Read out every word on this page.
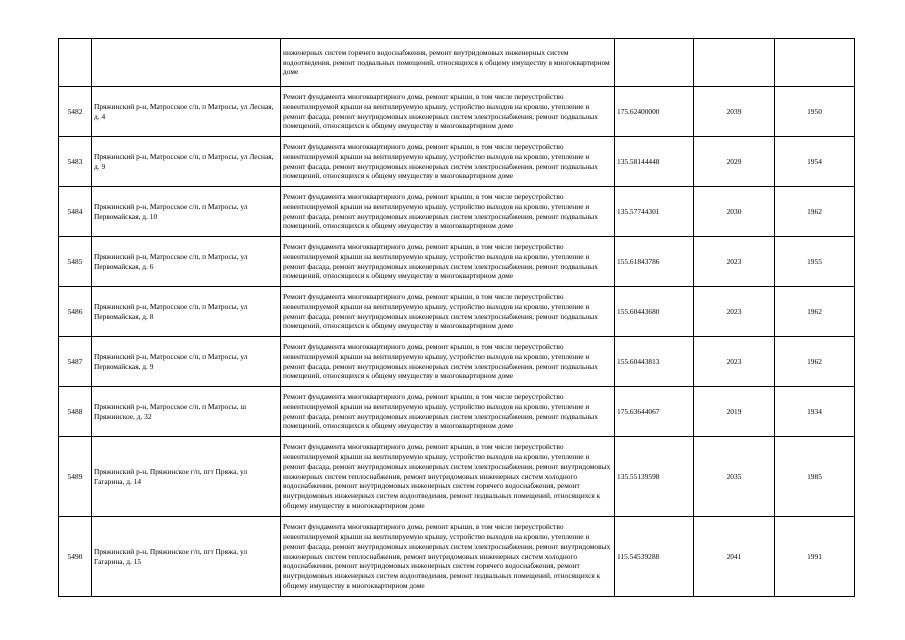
		инженерных систем горячего водоснабжения, ремонт внутридомовых инженерных систем водоотведения, ремонт подвальных помещений, относящихся к общему имуществу в многоквартирном доме			
5482	Пряжинский р-н, Матросское с/п, п Матросы, ул Лесная, д. 4	Ремонт фундамента многоквартирного дома, ремонт крыши, в том числе переустройство невентилируемой крыши на вентилируемую крышу, устройство выходов на кровлю, утепление и ремонт фасада, ремонт внутридомовых инженерных систем электроснабжения, ремонт подвальных помещений, относящихся к общему имуществу в многоквартирном доме	175.62400000	2039	1950
5483	Пряжинский р-н, Матросское с/п, п Матросы, ул Лесная, д. 9	Ремонт фундамента многоквартирного дома, ремонт крыши, в том числе переустройство невентилируемой крыши на вентилируемую крышу, устройство выходов на кровлю, утепление и ремонт фасада, ремонт внутридомовых инженерных систем электроснабжения, ремонт подвальных помещений, относящихся к общему имуществу в многоквартирном доме	135.58144448	2029	1954
5484	Пряжинский р-н, Матросское с/п, п Матросы, ул Первомайская, д. 10	Ремонт фундамента многоквартирного дома, ремонт крыши, в том числе переустройство невентилируемой крыши на вентилируемую крышу, устройство выходов на кровлю, утепление и ремонт фасада, ремонт внутридомовых инженерных систем электроснабжения, ремонт подвальных помещений, относящихся к общему имуществу в многоквартирном доме	135.57744301	2030	1962
5485	Пряжинский р-н, Матросское с/п, п Матросы, ул Первомайская, д. 6	Ремонт фундамента многоквартирного дома, ремонт крыши, в том числе переустройство невентилируемой крыши на вентилируемую крышу, устройство выходов на кровлю, утепление и ремонт фасада, ремонт внутридомовых инженерных систем электроснабжения, ремонт подвальных помещений, относящихся к общему имуществу в многоквартирном доме	155.61843786	2023	1955
5486	Пряжинский р-н, Матросское с/п, п Матросы, ул Первомайская, д. 8	Ремонт фундамента многоквартирного дома, ремонт крыши, в том числе переустройство невентилируемой крыши на вентилируемую крышу, устройство выходов на кровлю, утепление и ремонт фасада, ремонт внутридомовых инженерных систем электроснабжения, ремонт подвальных помещений, относящихся к общему имуществу в многоквартирном доме	155.60443680	2023	1962
5487	Пряжинский р-н, Матросское с/п, п Матросы, ул Первомайская, д. 9	Ремонт фундамента многоквартирного дома, ремонт крыши, в том числе переустройство невентилируемой крыши на вентилируемую крышу, устройство выходов на кровлю, утепление и ремонт фасада, ремонт внутридомовых инженерных систем электроснабжения, ремонт подвальных помещений, относящихся к общему имуществу в многоквартирном доме	155.60443813	2023	1962
5488	Пряжинский р-н, Матросское с/п, п Матросы, ш Пряжинское, д. 32	Ремонт фундамента многоквартирного дома, ремонт крыши, в том числе переустройство невентилируемой крыши на вентилируемую крышу, устройство выходов на кровлю, утепление и ремонт фасада, ремонт внутридомовых инженерных систем электроснабжения, ремонт подвальных помещений, относящихся к общему имуществу в многоквартирном доме	175.63644067	2019	1934
5489	Пряжинский р-н, Пряжинское г/п, пгт Пряжа, ул Гагарина, д. 14	Ремонт фундамента многоквартирного дома, ремонт крыши, в том числе переустройство невентилируемой крыши на вентилируемую крышу, устройство выходов на кровлю, утепление и ремонт фасада, ремонт внутридомовых инженерных систем электроснабжения, ремонт внутридомовых инженерных систем теплоснабжения, ремонт внутридомовых инженерных систем холодного водоснабжения, ремонт внутридомовых инженерных систем горячего водоснабжения, ремонт внутридомовых инженерных систем водоотведения, ремонт подвальных помещений, относящихся к общему имуществу в многоквартирном доме	135.55139598	2035	1985
5490	Пряжинский р-н, Пряжинское г/п, пгт Пряжа, ул Гагарина, д. 15	Ремонт фундамента многоквартирного дома, ремонт крыши, в том числе переустройство невентилируемой крыши на вентилируемую крышу, устройство выходов на кровлю, утепление и ремонт фасада, ремонт внутридомовых инженерных систем электроснабжения, ремонт внутридомовых инженерных систем теплоснабжения, ремонт внутридомовых инженерных систем холодного водоснабжения, ремонт внутридомовых инженерных систем горячего водоснабжения, ремонт внутридомовых инженерных систем водоотведения, ремонт подвальных помещений, относящихся к общему имуществу в многоквартирном доме	115.54539288	2041	1991
